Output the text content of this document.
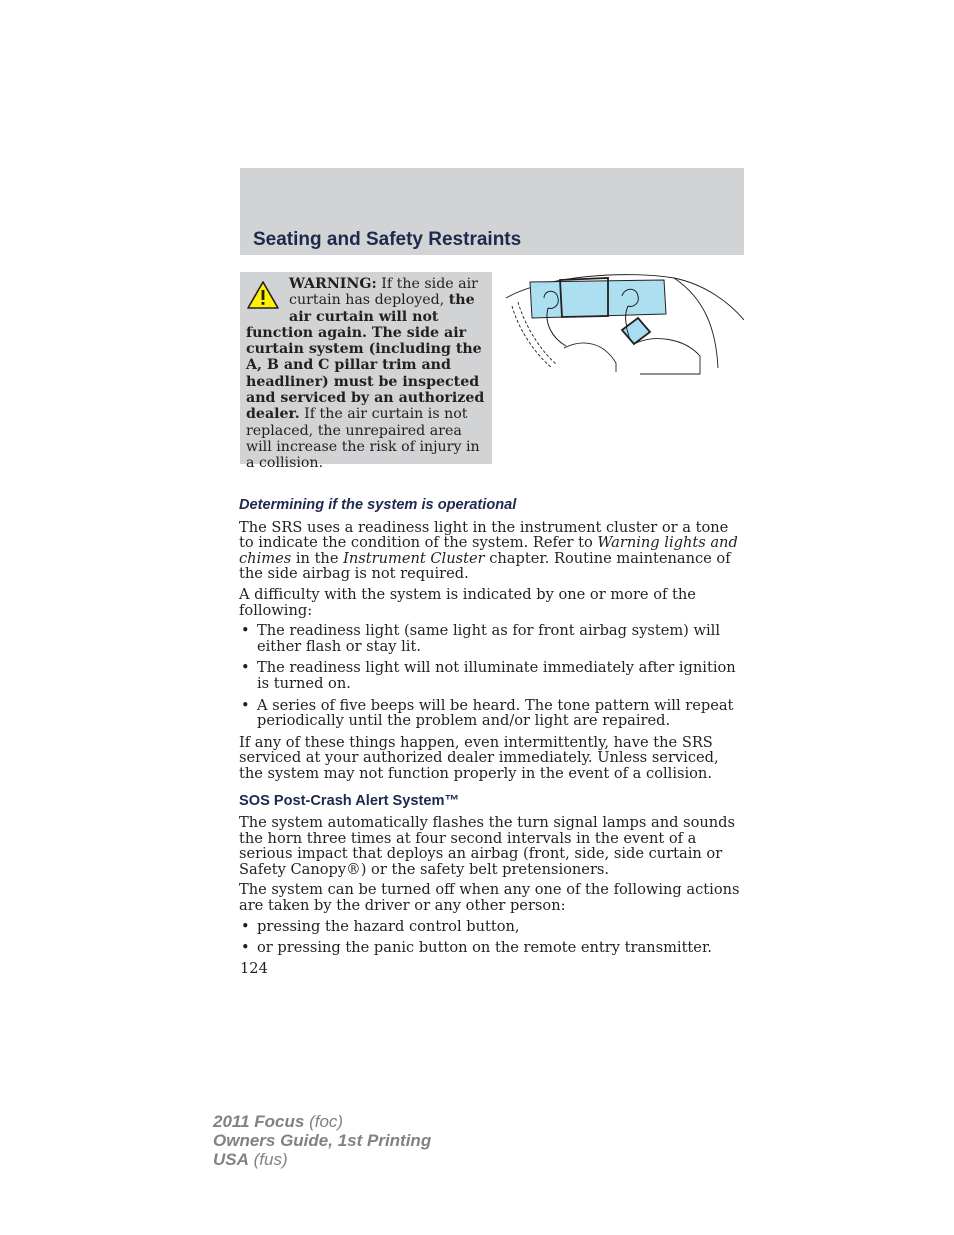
Seating and Safety Restraints
WARNING: If the side air curtain has deployed, the air curtain will not function again. The side air curtain system (including the A, B and C pillar trim and headliner) must be inspected and serviced by an authorized dealer. If the air curtain is not replaced, the unrepaired area will increase the risk of injury in a collision.
Determining if the system is operational

The SRS uses a readiness light in the instrument cluster or a tone to indicate the condition of the system. Refer to Warning lights and chimes in the Instrument Cluster chapter. Routine maintenance of the side airbag is not required.

A difficulty with the system is indicated by one or more of the following:

• The readiness light (same light as for front airbag system) will either flash or stay lit.
• The readiness light will not illuminate immediately after ignition is turned on.
• A series of five beeps will be heard. The tone pattern will repeat periodically until the problem and/or light are repaired.

If any of these things happen, even intermittently, have the SRS serviced at your authorized dealer immediately. Unless serviced, the system may not function properly in the event of a collision.

SOS Post-Crash Alert System™

The system automatically flashes the turn signal lamps and sounds the horn three times at four second intervals in the event of a serious impact that deploys an airbag (front, side, side curtain or Safety Canopy®) or the safety belt pretensioners.

The system can be turned off when any one of the following actions are taken by the driver or any other person:

• pressing the hazard control button,
• or pressing the panic button on the remote entry transmitter.
124
2011 Focus (foc)
Owners Guide, 1st Printing
USA (fus)
